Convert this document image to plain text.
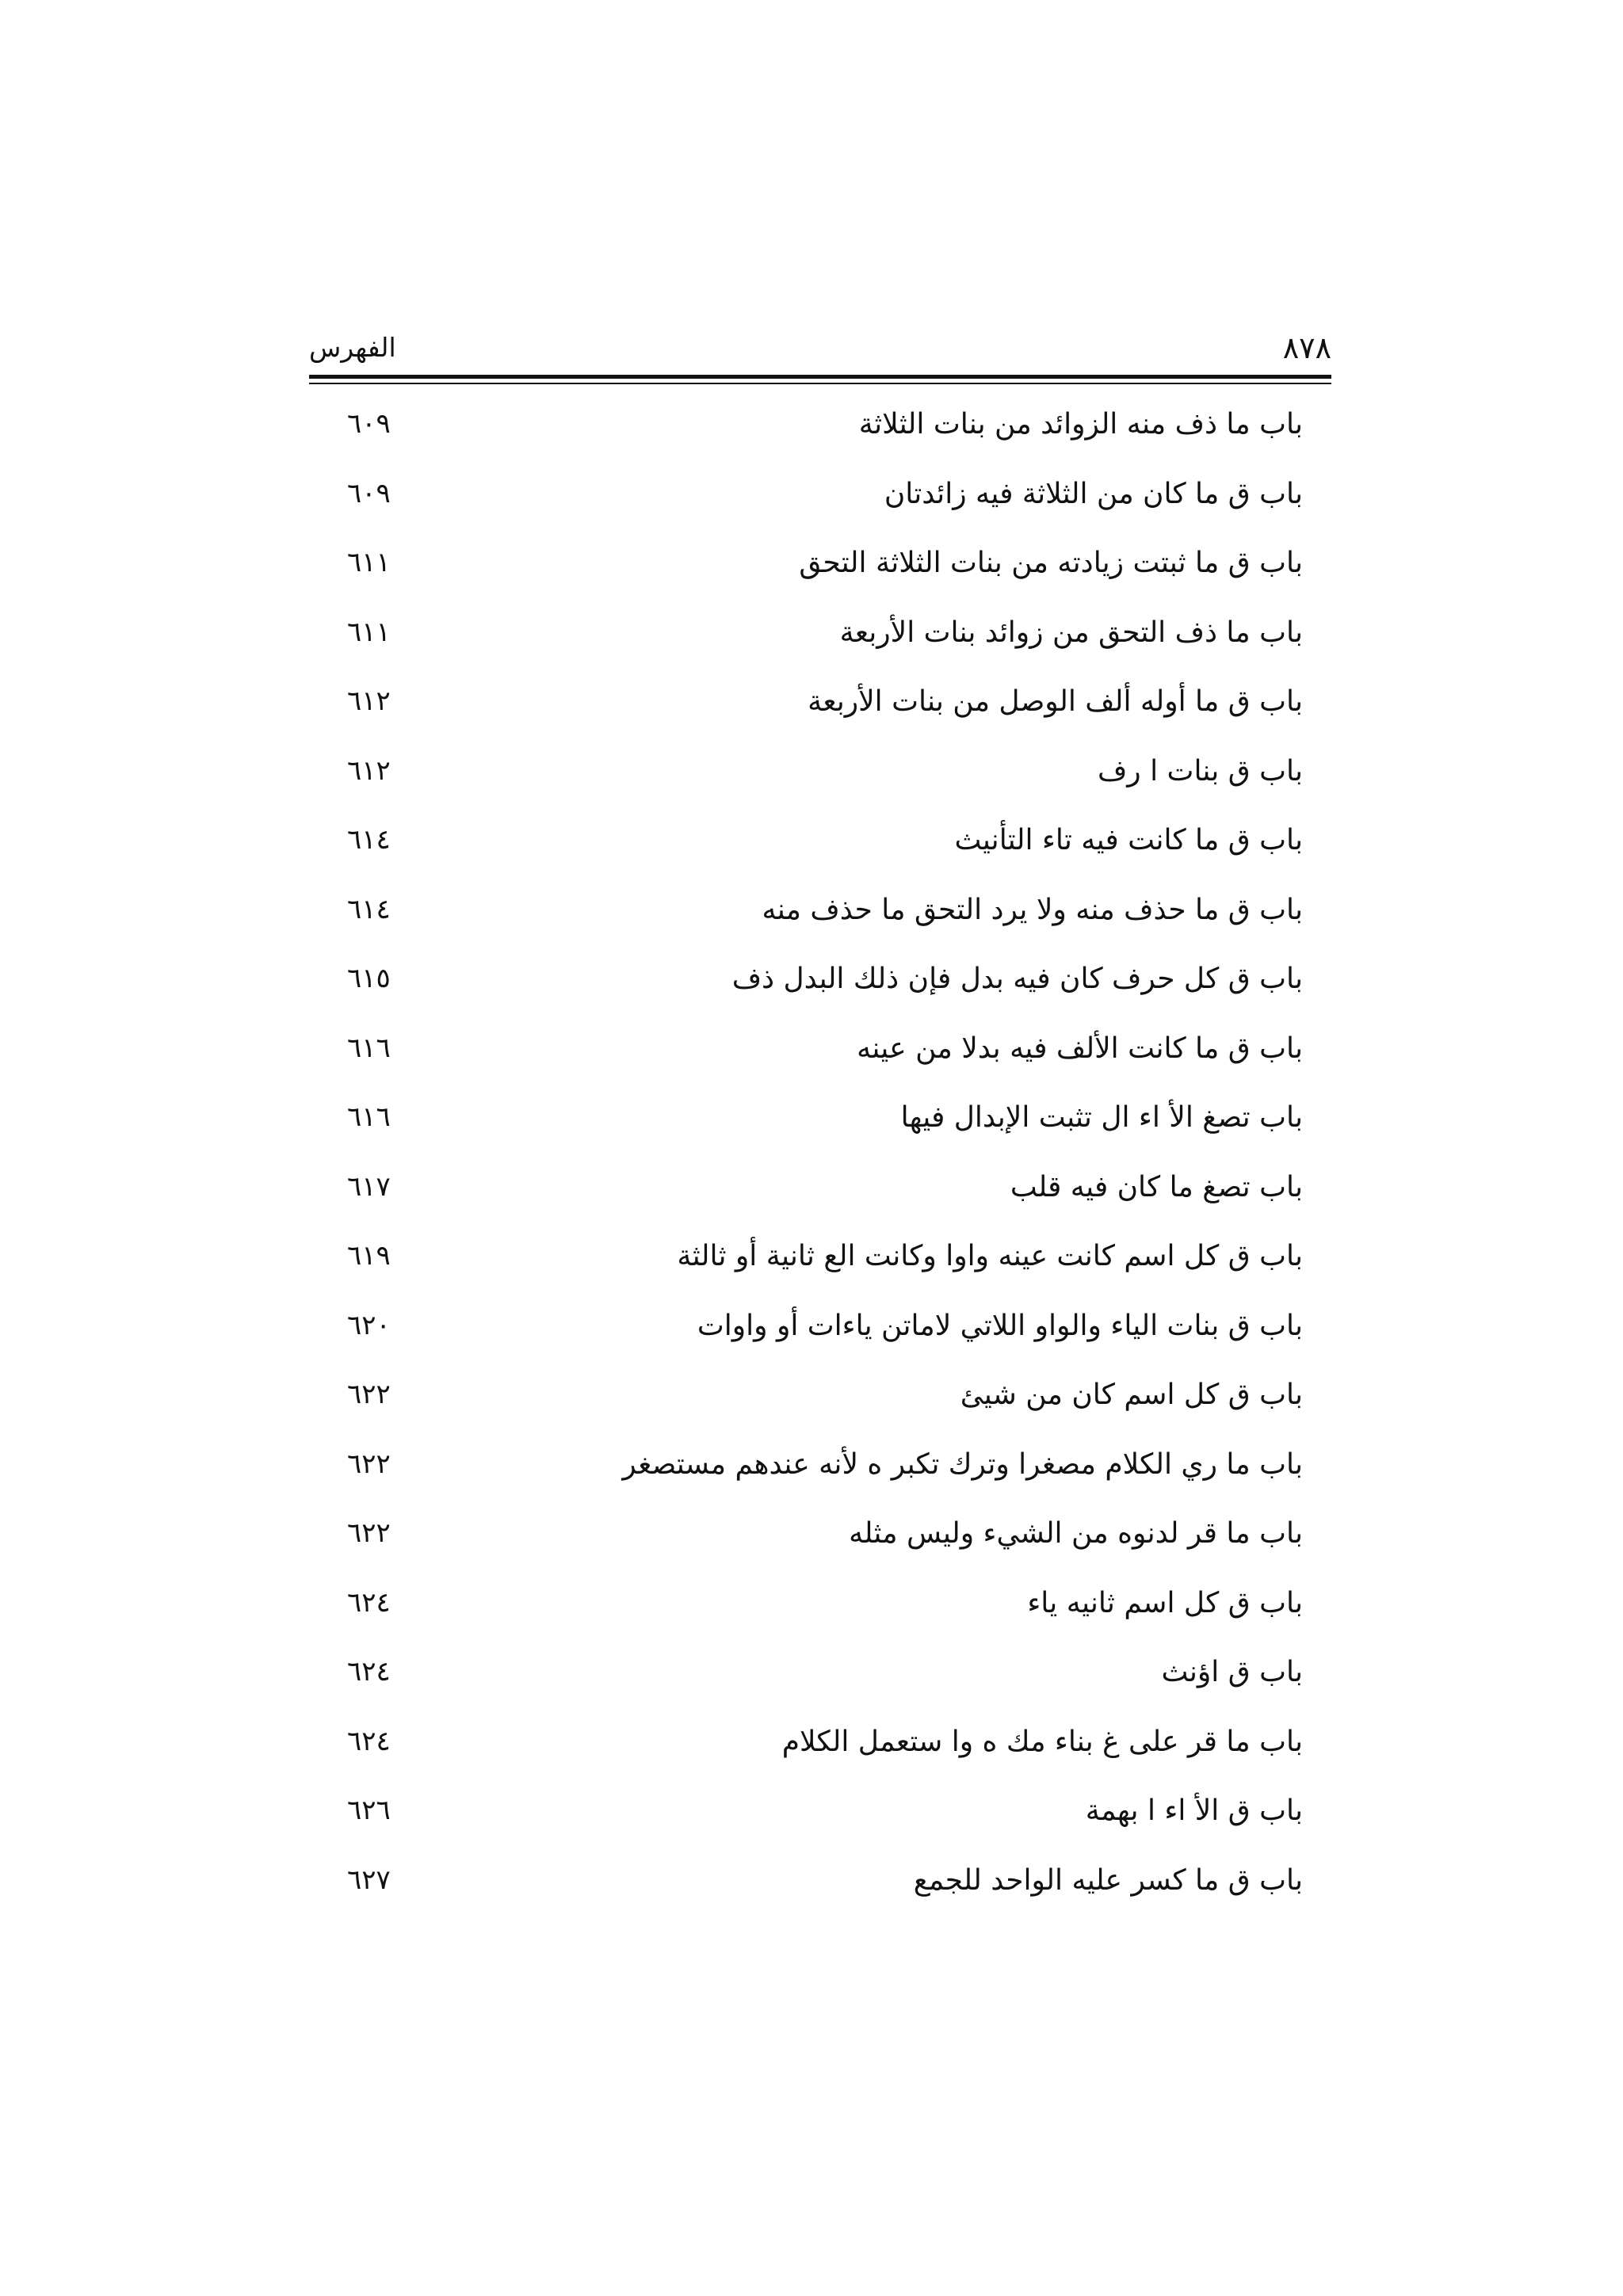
الفهرس	٨٧٨
باب ما ذف منه الزوائد من بنات الثلاثة
٦٠٩
باب ق ما كان من الثلاثة فيه زائدتان
٦٠٩
باب ق ما ثبتت زيادته من بنات الثلاثة التحق
٦١١
باب ما ذف التحق من زوائد بنات الأربعة
٦١١
باب ق ما أوله ألف الوصل من بنات الأربعة
٦١٢
باب ق بنات ا رف
٦١٢
باب ق ما كانت فيه تاء التأنيث
٦١٤
باب ق ما حذف منه ولا يرد التحق ما حذف منه
٦١٤
باب ق كل حرف كان فيه بدل فإن ذلك البدل ذف
٦١٥
باب ق ما كانت الألف فيه بدلا من عينه
٦١٦
باب تصغ الأ اء ال تثبت الإبدال فيها
٦١٦
باب تصغ ما كان فيه قلب
٦١٧
باب ق كل اسم كانت عينه واوا وكانت الع ثانية أو ثالثة
٦١٩
باب ق بنات الياء والواو اللاتي لاماتن ياءات أو واوات
٦٢٠
باب ق كل اسم كان من شيئ
٦٢٢
باب ما ري الكلام مصغرا وترك تكبر ه لأنه عندهم مستصغر
٦٢٢
باب ما قر لدنوه من الشيء وليس مثله
٦٢٢
باب ق كل اسم ثانيه ياء
٦٢٤
باب ق اؤنث
٦٢٤
باب ما قر على غ بناء مك ه وا ستعمل الكلام
٦٢٤
باب ق الأ اء ا بهمة
٦٢٦
باب ق ما كسر عليه الواحد للجمع
٦٢٧
